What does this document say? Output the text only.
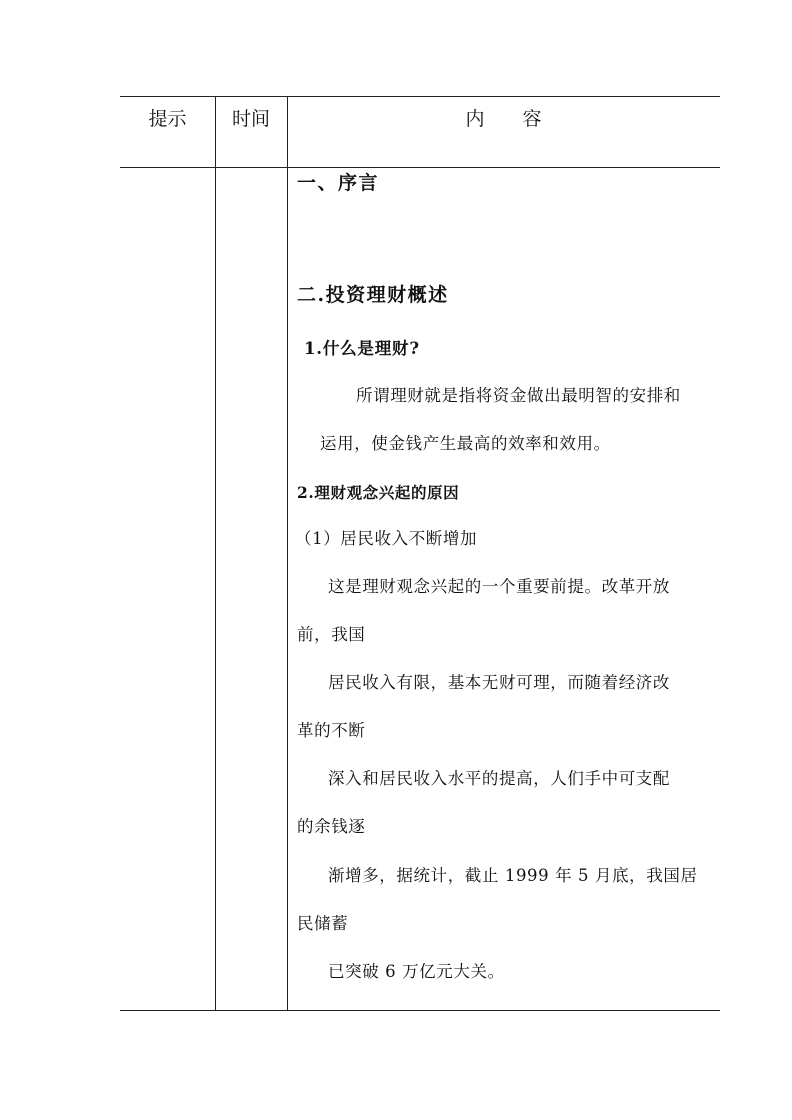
提示	时间	内　　容
一、序言
二.投资理财概述
1.什么是理财?
所谓理财就是指将资金做出最明智的安排和
运用，使金钱产生最高的效率和效用。
2.理财观念兴起的原因
（1）居民收入不断增加
这是理财观念兴起的一个重要前提。改革开放
前，我国
居民收入有限，基本无财可理，而随着经济改
革的不断
深入和居民收入水平的提高，人们手中可支配
的余钱逐
渐增多，据统计，截止 1999 年 5 月底，我国居
民储蓄
已突破 6 万亿元大关。
